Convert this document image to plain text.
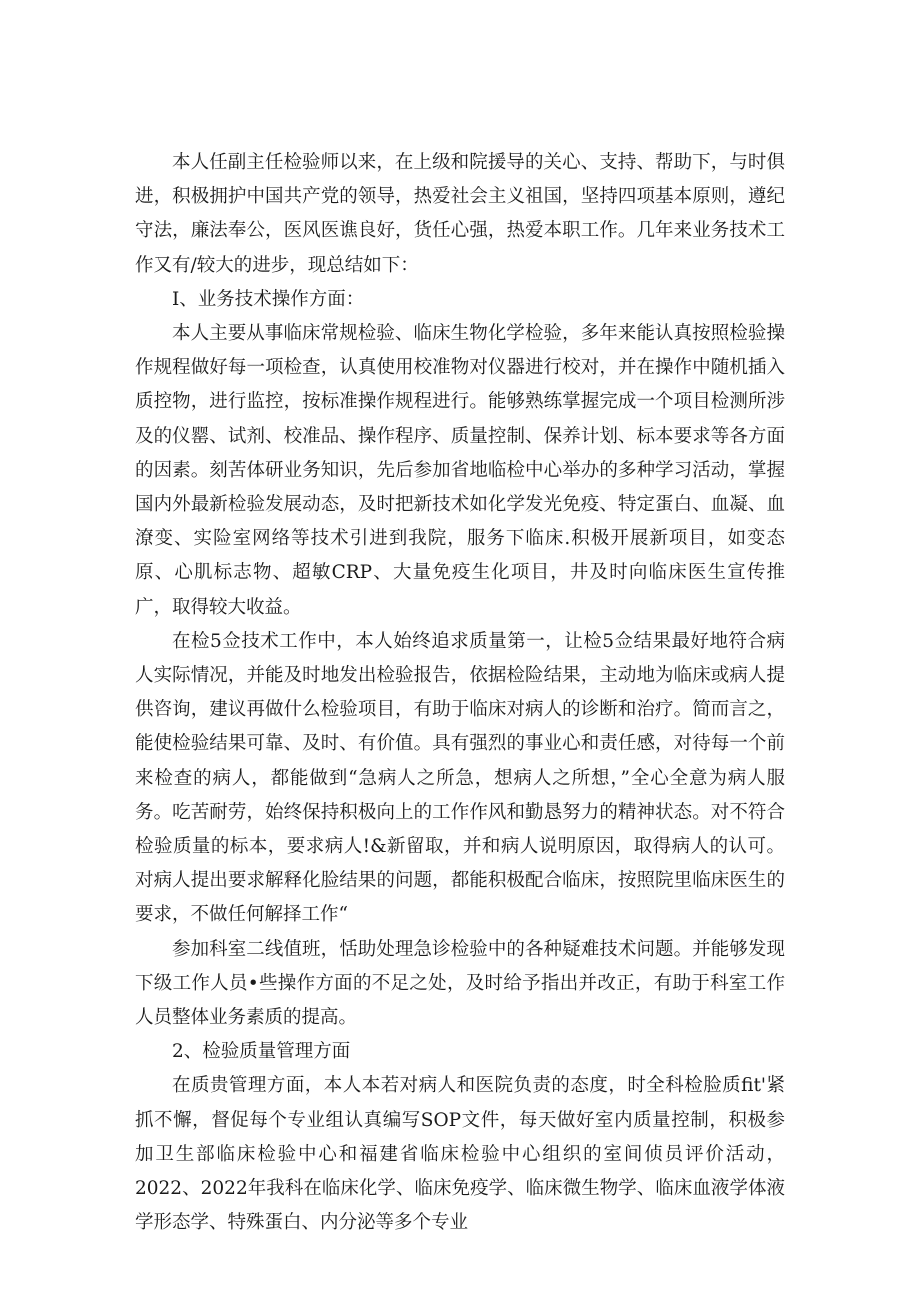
本人任副主任检验师以来，在上级和院援导的关心、支持、帮助下，与时俱进，积极拥护中国共产党的领导，热爱社会主义祖国，坚持四项基本原则，遵纪守法，廉法奉公，医风医谯良好，货任心强，热爱本职工作。几年来业务技术工作又有/较大的进步，现总结如下：

I、业务技术操作方面：

本人主要从事临床常规检验、临床生物化学检验，多年来能认真按照检验操作规程做好每一项检查，认真使用校准物对仪器进行校对，并在操作中随机插入质控物，进行监控，按标准操作规程进行。能够熟练掌握完成一个项目检测所涉及的仪罂、试剂、校准品、操作程序、质量控制、保养计划、标本要求等各方面的因素。刻苦体研业务知识，先后参加省地临检中心举办的多种学习活动，掌握国内外最新检验发展动态，及时把新技术如化学发光免疫、特定蛋白、血凝、血潦变、实险室网络等技术引进到我院，服务下临床.积极开展新项目，如变态原、心肌标志物、超敏CRP、大量免疫生化项目，井及时向临床医生宣传推广，取得较大收益。

在检5佥技术工作中，本人始终追求质量第一，让检5佥结果最好地符合病人实际情况，并能及时地发出检验报告，依据检险结果，主动地为临床或病人提供咨询，建议再做什么检验项目，有助于临床对病人的诊断和治疗。简而言之，能使检验结果可靠、及时、有价值。具有强烈的事业心和责任感，对待每一个前来检查的病人，都能做到“急病人之所急，想病人之所想，”全心全意为病人服务。吃苦耐劳，始终保持积极向上的工作作风和勤恳努力的精神状态。对不符合检验质量的标本，要求病人!&新留取，并和病人说明原因，取得病人的认可。对病人提出要求解释化脸结果的问题，都能积极配合临床，按照院里临床医生的要求，不做任何解择工作“

参加科室二线值班，恬助处理急诊检验中的各种疑难技术问题。并能够发现下级工作人员•些操作方面的不足之处，及时给予指出并改正，有助于科室工作人员整体业务素质的提高。

2、检验质量管理方面

在质贵管理方面，本人本若对病人和医院负责的态度，时全科检脸质fit'紧抓不懈，督促每个专业组认真编写SOP文件，每天做好室内质量控制，积极参加卫生部临床检验中心和福建省临床检验中心组织的室间侦员评价活动，2022、2022年我科在临床化学、临床免疫学、临床微生物学、临床血液学体液学形态学、特殊蛋白、内分泌等多个专业
